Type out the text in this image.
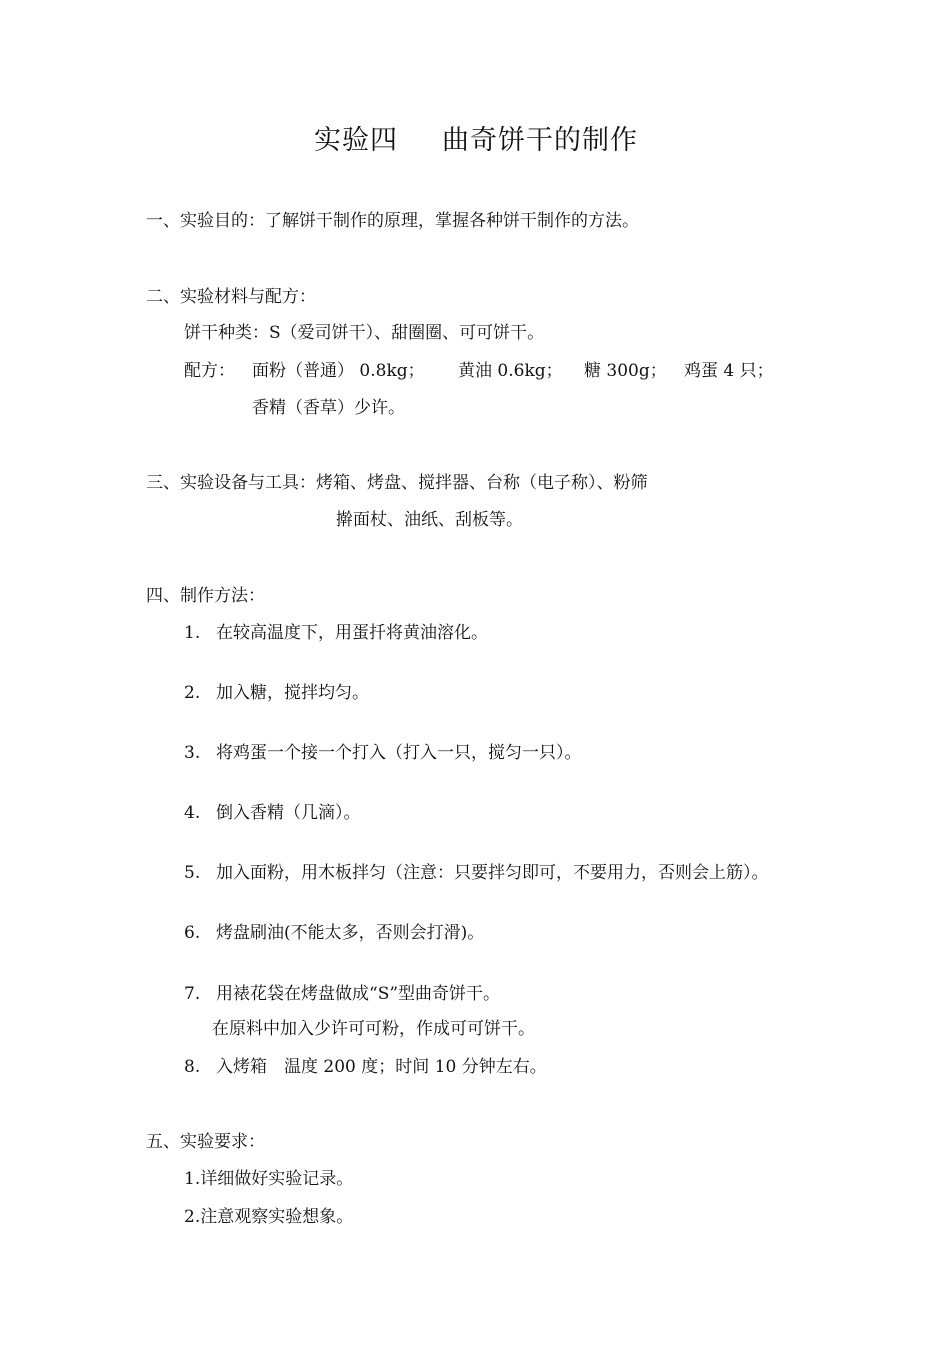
实验四 曲奇饼干的制作
一、实验目的：了解饼干制作的原理，掌握各种饼干制作的方法。
二、实验材料与配方：
饼干种类：S（爱司饼干）、甜圈圈、可可饼干。
配方： 面粉（普通） 0.8kg； 黄油 0.6kg； 糖 300g； 鸡蛋 4 只；
香精（香草）少许。
三、实验设备与工具：烤箱、烤盘、搅拌器、台称（电子称）、粉筛
擀面杖、油纸、刮板等。
四、制作方法：
1. 在较高温度下，用蛋扦将黄油溶化。
2. 加入糖，搅拌均匀。
3. 将鸡蛋一个接一个打入（打入一只，搅匀一只）。
4. 倒入香精（几滴）。
5. 加入面粉，用木板拌匀（注意：只要拌匀即可，不要用力，否则会上筋）。
6. 烤盘刷油(不能太多，否则会打滑)。
7. 用裱花袋在烤盘做成“S”型曲奇饼干。
在原料中加入少许可可粉，作成可可饼干。
8. 入烤箱　温度 200 度；时间 10 分钟左右。
五、实验要求：
1.详细做好实验记录。
2.注意观察实验想象。
